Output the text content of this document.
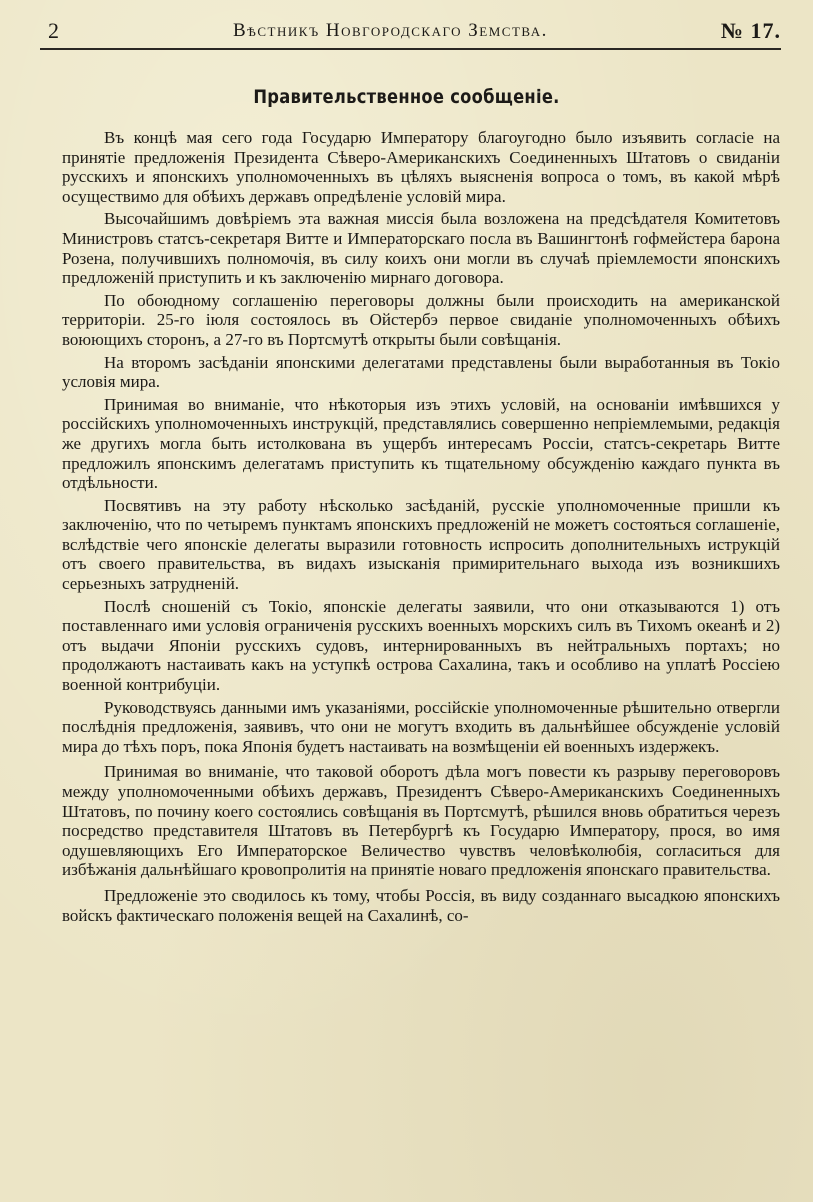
2	Вѣстникъ Новгородскаго Земства.	№ 17.
Правительственное сообщеніе.

Въ концѣ мая сего года Государю Императору благоугодно было изъявить согласіе на принятіе предложенія Президента Сѣверо-Американскихъ Соединенныхъ Штатовъ о свиданіи русскихъ и японскихъ уполномоченныхъ въ цѣляхъ выясненія вопроса о томъ, въ какой мѣрѣ осуществимо для обѣихъ державъ опредѣленіе условій мира.

Высочайшимъ довѣріемъ эта важная миссія была возложена на предсѣдателя Комитетовъ Министровъ статсъ-секретаря Витте и Императорскаго посла въ Вашингтонѣ гофмейстера барона Розена, получившихъ полномочія, въ силу коихъ они могли въ случаѣ пріемлемости японскихъ предложеній приступить и къ заключенію мирнаго договора.

По обоюдному соглашенію переговоры должны были происходить на американской территоріи. 25-го іюля состоялось въ Ойстербэ первое свиданіе уполномоченныхъ обѣихъ воюющихъ сторонъ, а 27-го въ Портсмутѣ открыты были совѣщанія.

На второмъ засѣданіи японскими делегатами представлены были выработанныя въ Токіо условія мира.

Принимая во вниманіе, что нѣкоторыя изъ этихъ условій, на основаніи имѣвшихся у россійскихъ уполномоченныхъ инструкцій, представлялись совершенно непріемлемыми, редакція же другихъ могла быть истолкована въ ущербъ интересамъ Россіи, статсъ-секретарь Витте предложилъ японскимъ делегатамъ приступить къ тщательному обсужденію каждаго пункта въ отдѣльности.

Посвятивъ на эту работу нѣсколько засѣданій, русскіе уполномоченные пришли къ заключенію, что по четыремъ пунктамъ японскихъ предложеній не можетъ состояться соглашеніе, вслѣдствіе чего японскіе делегаты выразили готовность испросить дополнительныхъ иструкцій отъ своего правительства, въ видахъ изысканія примирительнаго выхода изъ возникшихъ серьезныхъ затрудненій.

Послѣ сношеній съ Токіо, японскіе делегаты заявили, что они отказываются 1) отъ поставленнаго ими условія ограниченія русскихъ военныхъ морскихъ силъ въ Тихомъ океанѣ и 2) отъ выдачи Японіи русскихъ судовъ, интернированныхъ въ нейтральныхъ портахъ; но продолжаютъ настаивать какъ на уступкѣ острова Сахалина, такъ и особливо на уплатѣ Россіею военной контрибуціи.

Руководствуясь данными имъ указаніями, россійскіе уполномоченные рѣшительно отвергли послѣднія предложенія, заявивъ, что они не могутъ входить въ дальнѣйшее обсужденіе условій мира до тѣхъ поръ, пока Японія будетъ настаивать на возмѣщеніи ей военныхъ издержекъ.

Принимая во вниманіе, что таковой оборотъ дѣла могъ повести къ разрыву переговоровъ между уполномоченными обѣихъ державъ, Президентъ Сѣверо-Американскихъ Соединенныхъ Штатовъ, по почину коего состоялись совѣщанія въ Портсмутѣ, рѣшился вновь обратиться черезъ посредство представителя Штатовъ въ Петербургѣ къ Государю Императору, прося, во имя одушевляющихъ Его Императорское Величество чувствъ человѣколюбія, согласиться для избѣжанія дальнѣйшаго кровопролитія на принятіе новаго предложенія японскаго правительства.

Предложеніе это сводилось къ тому, чтобы Россія, въ виду созданнаго высадкою японскихъ войскъ фактическаго положенія вещей на Сахалинѣ, со-
